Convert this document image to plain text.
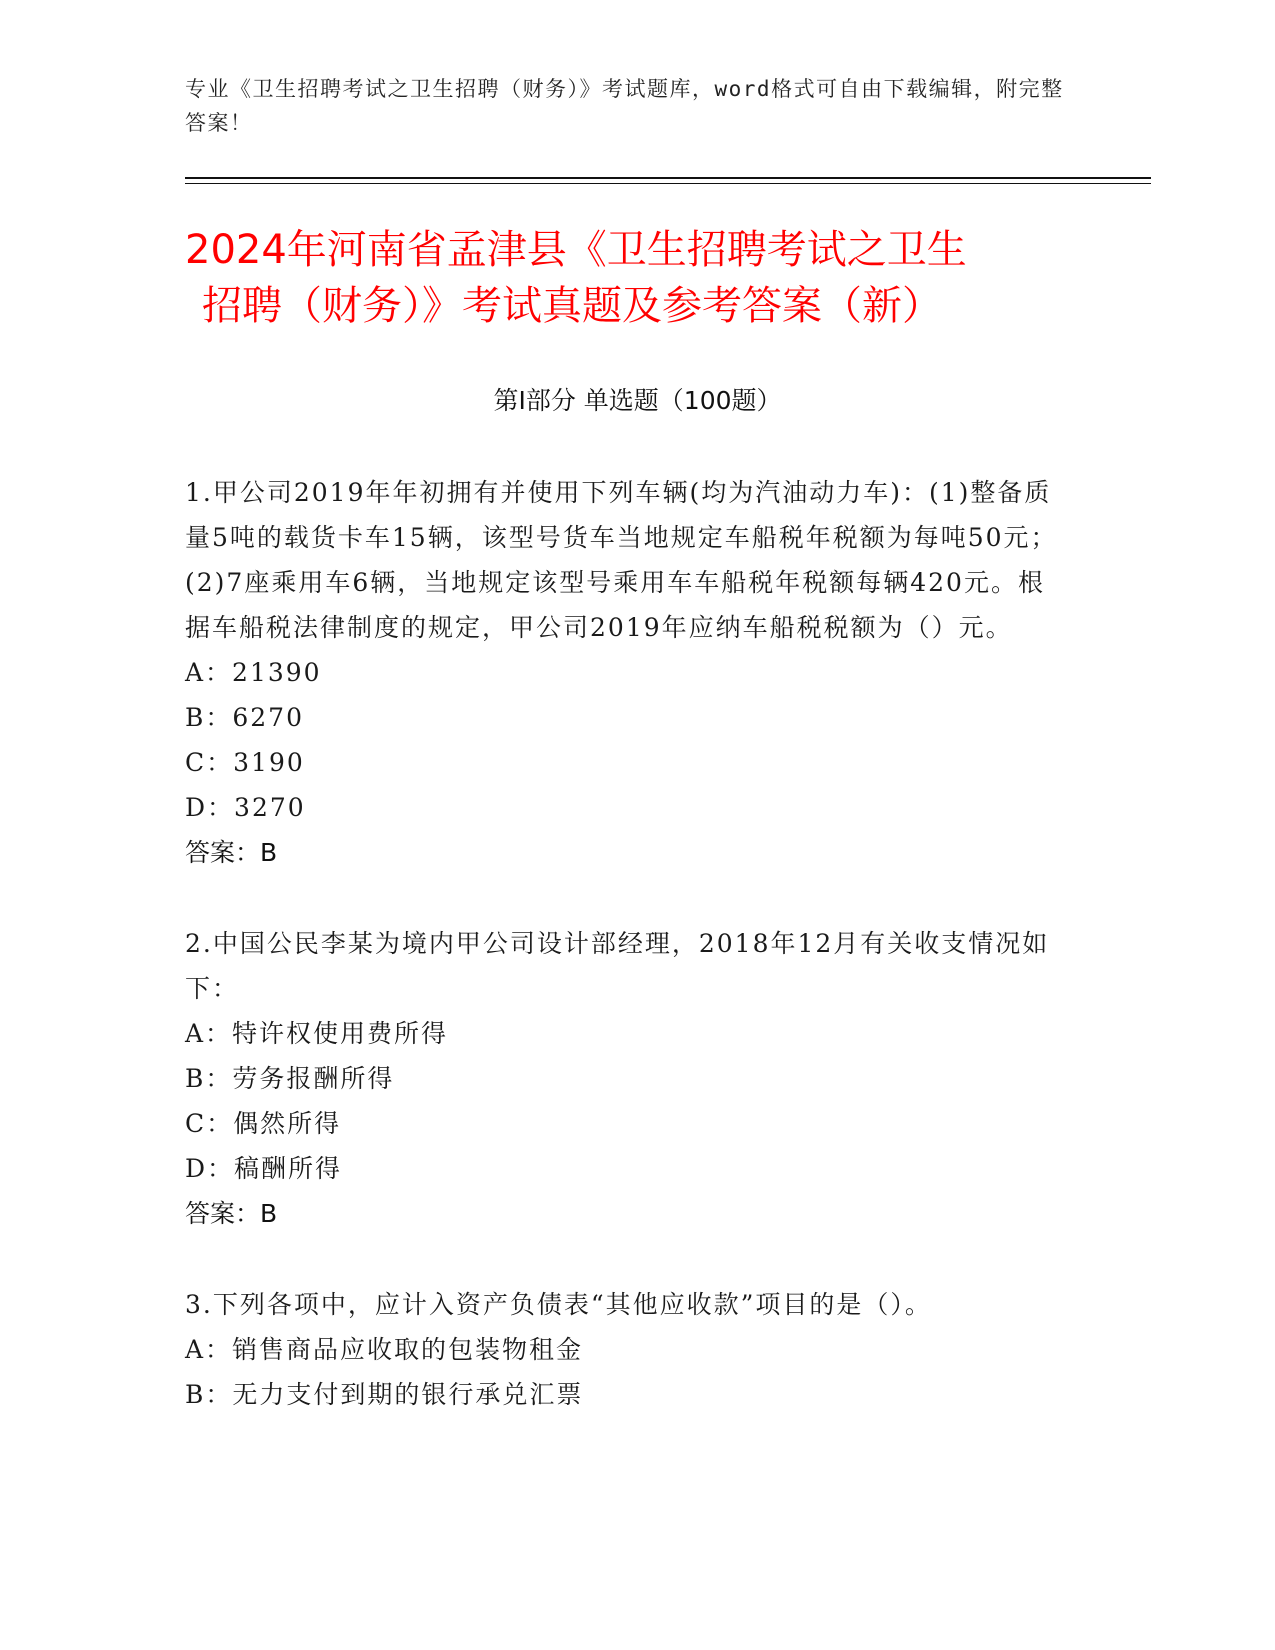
专业《卫生招聘考试之卫生招聘（财务）》考试题库，word格式可自由下载编辑，附完整答案！
2024年河南省孟津县《卫生招聘考试之卫生
招聘（财务）》考试真题及参考答案（新）
第I部分 单选题（100题）

1.甲公司2019年年初拥有并使用下列车辆(均为汽油动力车)：(1)整备质量5吨的载货卡车15辆，该型号货车当地规定车船税年税额为每吨50元；(2)7座乘用车6辆，当地规定该型号乘用车车船税年税额每辆420元。根据车船税法律制度的规定，甲公司2019年应纳车船税税额为（）元。

A：21390

B：6270

C：3190

D：3270

答案：B

2.中国公民李某为境内甲公司设计部经理，2018年12月有关收支情况如下：

A：特许权使用费所得

B：劳务报酬所得

C：偶然所得

D：稿酬所得

答案：B

3.下列各项中，应计入资产负债表“其他应收款”项目的是（）。

A：销售商品应收取的包装物租金

B：无力支付到期的银行承兑汇票
